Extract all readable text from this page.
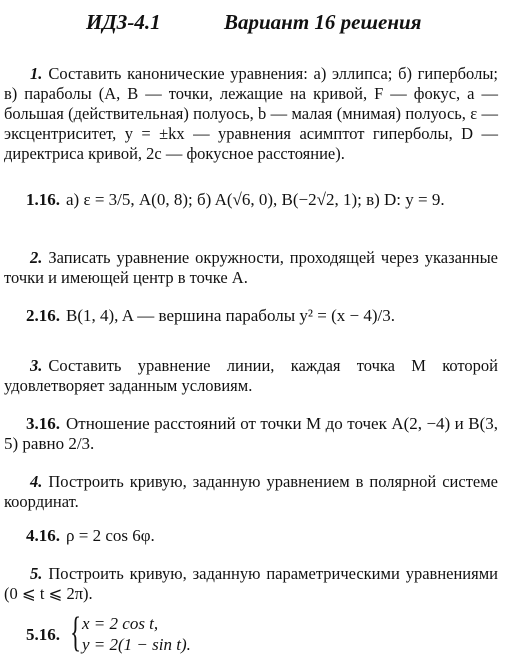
ИДЗ-4.1	Вариант 16 решения
1. Составить канонические уравнения: а) эллипса; б) гиперболы; в) параболы (A, B — точки, лежащие на кривой, F — фокус, a — большая (действительная) полуось, b — малая (мнимая) полуось, ε — эксцентриситет, y = ±kx — уравнения асимптот гиперболы, D — директриса кривой, 2c — фокусное расстояние).
1.16. а) ε = 3/5, A(0, 8); б) A(√6, 0), B(−2√2, 1); в) D: y = 9.
2. Записать уравнение окружности, проходящей через указанные точки и имеющей центр в точке A.
2.16. B(1, 4), A — вершина параболы y² = (x − 4)/3.
3. Составить уравнение линии, каждая точка M которой удовлетворяет заданным условиям.
3.16. Отношение расстояний от точки M до точек A(2, −4) и B(3, 5) равно 2/3.
4. Построить кривую, заданную уравнением в полярной системе координат.
4.16. ρ = 2 cos 6φ.
5. Построить кривую, заданную параметрическими уравнениями (0 ⩽ t ⩽ 2π).
5.16. { x = 2 cos t,
y = 2(1 − sin t).
